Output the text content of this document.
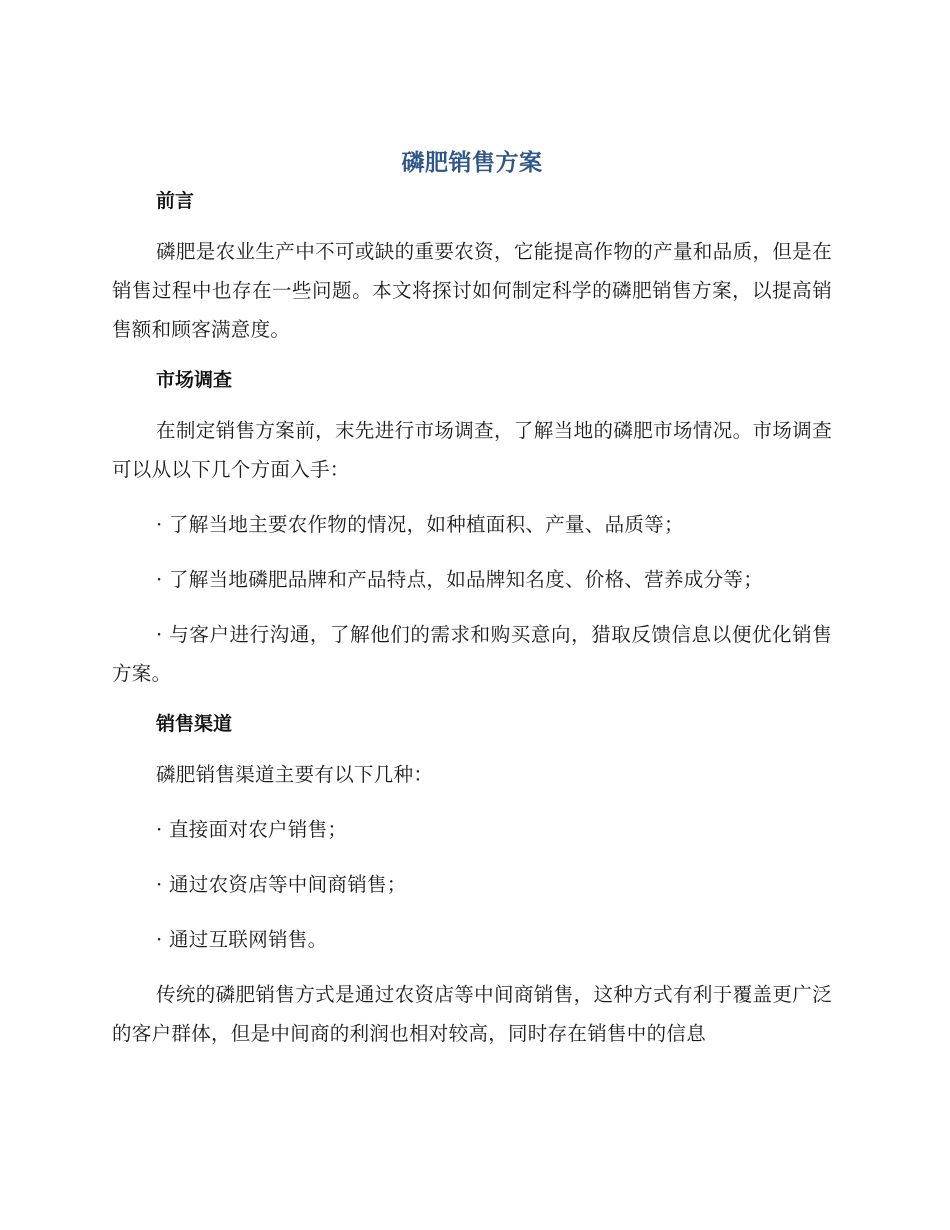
磷肥销售方案
前言

磷肥是农业生产中不可或缺的重要农资，它能提高作物的产量和品质，但是在销售过程中也存在一些问题。本文将探讨如何制定科学的磷肥销售方案，以提高销售额和顾客满意度。

市场调查

在制定销售方案前，末先进行市场调查，了解当地的磷肥市场情况。市场调查可以从以下几个方面入手：

· 了解当地主要农作物的情况，如种植面积、产量、品质等；

· 了解当地磷肥品牌和产品特点，如品牌知名度、价格、营养成分等；

· 与客户进行沟通，了解他们的需求和购买意向，猎取反馈信息以便优化销售方案。

销售渠道

磷肥销售渠道主要有以下几种：

· 直接面对农户销售；

· 通过农资店等中间商销售；

· 通过互联网销售。

传统的磷肥销售方式是通过农资店等中间商销售，这种方式有利于覆盖更广泛的客户群体，但是中间商的利润也相对较高，同时存在销售中的信息
